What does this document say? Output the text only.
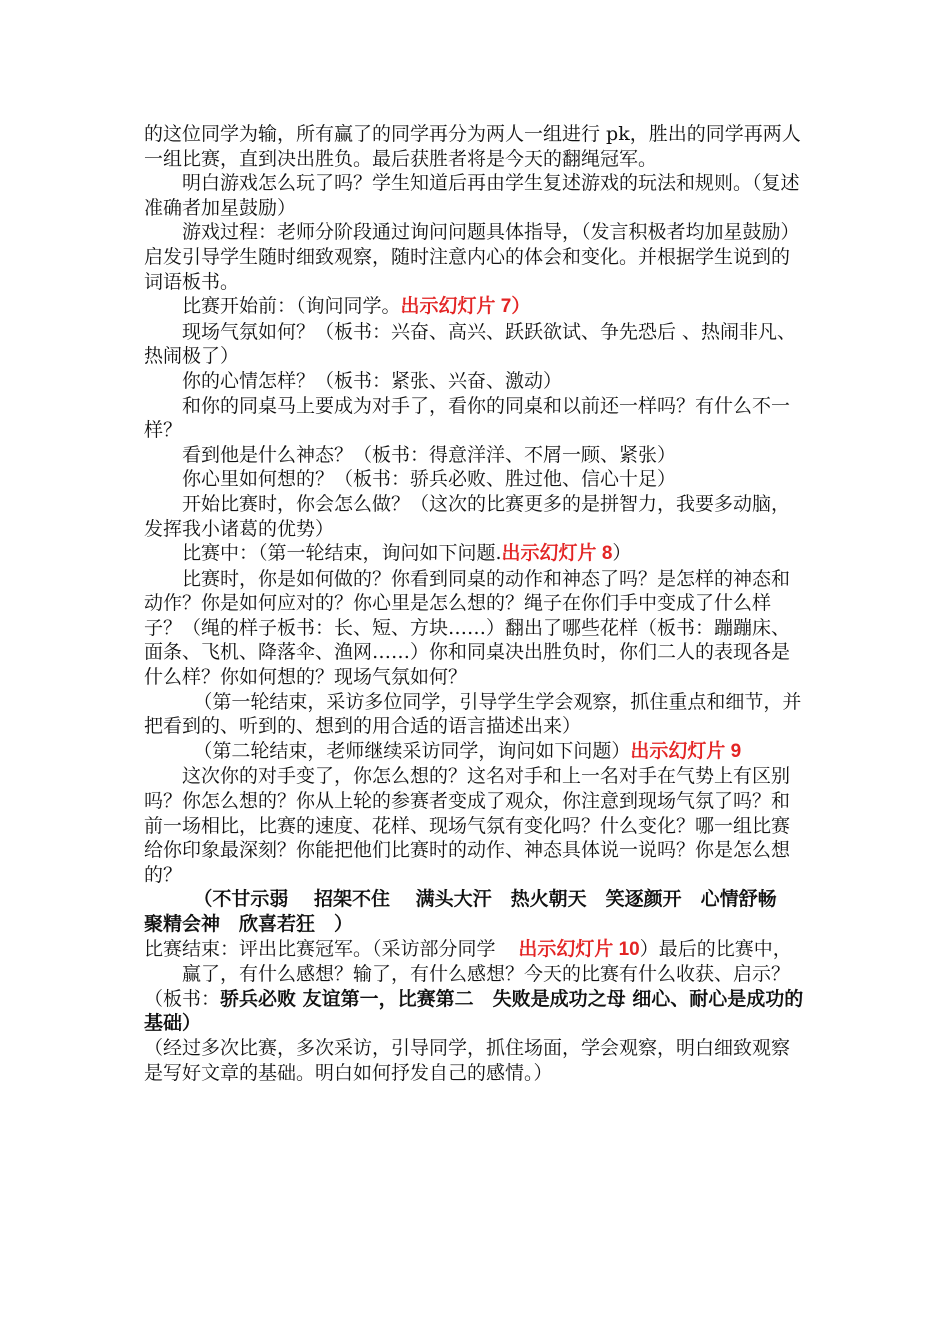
的这位同学为输，所有赢了的同学再分为两人一组进行 pk，胜出的同学再两人一组比赛，直到决出胜负。最后获胜者将是今天的翻绳冠军。

明白游戏怎么玩了吗？学生知道后再由学生复述游戏的玩法和规则。（复述准确者加星鼓励）

游戏过程：老师分阶段通过询问问题具体指导，（发言积极者均加星鼓励）启发引导学生随时细致观察，随时注意内心的体会和变化。并根据学生说到的词语板书。

比赛开始前：（询问同学。出示幻灯片 7）

现场气氛如何？（板书：兴奋、高兴、跃跃欲试、争先恐后 、热闹非凡、热闹极了）

你的心情怎样？（板书：紧张、兴奋、激动）

和你的同桌马上要成为对手了，看你的同桌和以前还一样吗？有什么不一样？

看到他是什么神态？（板书：得意洋洋、不屑一顾、紧张）

你心里如何想的？（板书：骄兵必败、胜过他、信心十足）

开始比赛时，你会怎么做？（这次的比赛更多的是拼智力，我要多动脑，发挥我小诸葛的优势）

比赛中：（第一轮结束，询问如下问题.出示幻灯片 8）

比赛时，你是如何做的？你看到同桌的动作和神态了吗？是怎样的神态和动作？你是如何应对的？你心里是怎么想的？绳子在你们手中变成了什么样子？（绳的样子板书：长、短、方块……）翻出了哪些花样（板书：蹦蹦床、面条、飞机、降落伞、渔网……）你和同桌决出胜负时，你们二人的表现各是什么样？你如何想的？现场气氛如何？

（第一轮结束，采访多位同学，引导学生学会观察，抓住重点和细节，并把看到的、听到的、想到的用合适的语言描述出来）

（第二轮结束，老师继续采访同学，询问如下问题）出示幻灯片 9

这次你的对手变了，你怎么想的？这名对手和上一名对手在气势上有区别吗？你怎么想的？你从上轮的参赛者变成了观众，你注意到现场气氛了吗？和前一场相比，比赛的速度、花样、现场气氛有变化吗？什么变化？哪一组比赛给你印象最深刻？你能把他们比赛时的动作、神态具体说一说吗？你是怎么想的？

（不甘示弱　 招架不住　 满头大汗　热火朝天　笑逐颜开　心情舒畅　聚精会神　欣喜若狂　）

比赛结束：评出比赛冠军。（采访部分同学 出示幻灯片 10）最后的比赛中，

赢了，有什么感想？输了，有什么感想？今天的比赛有什么收获、启示？

（板书：骄兵必败 友谊第一，比赛第二　失败是成功之母 细心、耐心是成功的基础）

（经过多次比赛，多次采访，引导同学，抓住场面，学会观察，明白细致观察是写好文章的基础。明白如何抒发自己的感情。）
